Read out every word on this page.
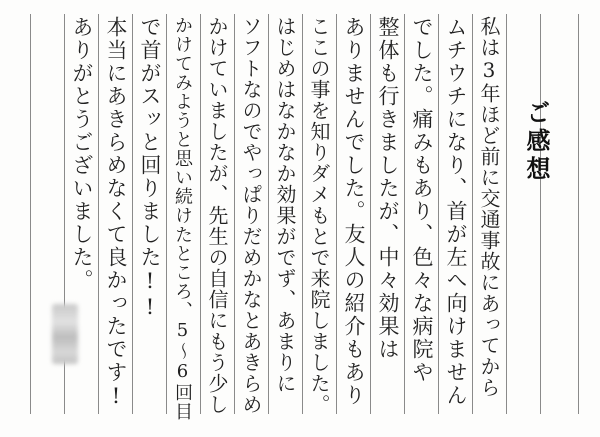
ご感想
私は3年ほど前に交通事故にあってから
ムチウチになり、首が左へ向けません
でした。痛みもあり、色々な病院や
整体も行きましたが、中々効果は
ありませんでした。友人の紹介もあり
ここの事を知りダメもとで来院しました。
はじめはなかなか効果がでず、あまりに
ソフトなのでやっぱりだめかなとあきらめ
かけていましたが、先生の自信にもう少し
かけてみようと思い続けたところ、5～6回目
で首がスッと回りました!!
本当にあきらめなくて良かったです!
ありがとうございました。
